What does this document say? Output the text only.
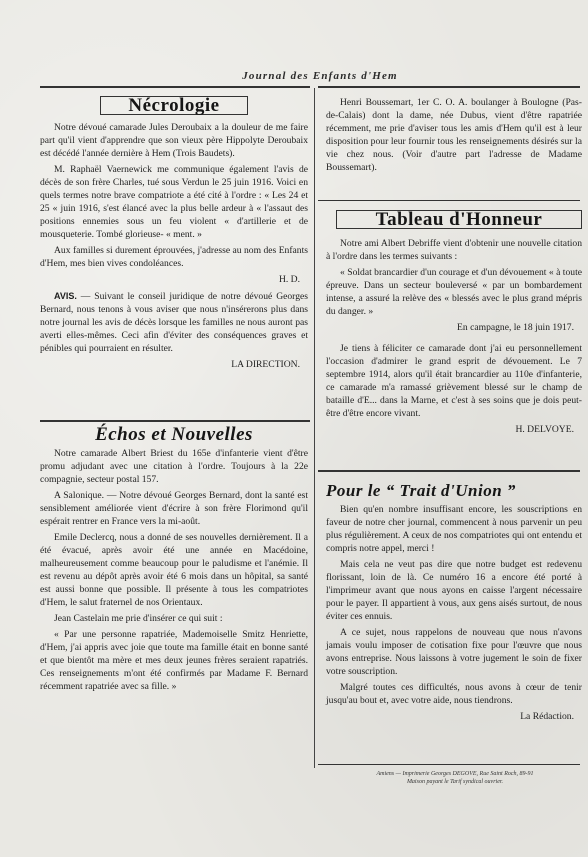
Journal des Enfants d'Hem
Nécrologie

Notre dévoué camarade Jules Deroubaix a la douleur de me faire part qu'il vient d'apprendre que son vieux père Hippolyte Deroubaix est décédé l'année dernière à Hem (Trois Baudets).

M. Raphaël Vaernewick me communique également l'avis de décès de son frère Charles, tué sous Verdun le 25 juin 1916. Voici en quels termes notre brave compatriote a été cité à l'ordre : « Les 24 et 25 « juin 1916, s'est élancé avec la plus belle ardeur à « l'assaut des positions ennemies sous un feu violent « d'artillerie et de mousqueterie. Tombé glorieuse- « ment. »

Aux familles si durement éprouvées, j'adresse au nom des Enfants d'Hem, mes bien vives condoléances.

H. D.

AVIS. — Suivant le conseil juridique de notre dévoué Georges Bernard, nous tenons à vous aviser que nous n'insérerons plus dans notre journal les avis de décès lorsque les familles ne nous auront pas averti elles-mêmes. Ceci afin d'éviter des conséquences graves et pénibles qui pourraient en résulter.

LA DIRECTION.
Échos et Nouvelles

Notre camarade Albert Briest du 165e d'infanterie vient d'être promu adjudant avec une citation à l'ordre. Toujours à la 22e compagnie, secteur postal 157.

A Salonique. — Notre dévoué Georges Bernard, dont la santé est sensiblement améliorée vient d'écrire à son frère Florimond qu'il espérait rentrer en France vers la mi-août.

Emile Declercq, nous a donné de ses nouvelles dernièrement. Il a été évacué, après avoir été une année en Macédoine, malheureusement comme beaucoup pour le paludisme et l'anémie. Il est revenu au dépôt après avoir été 6 mois dans un hôpital, sa santé est aussi bonne que possible. Il présente à tous les compatriotes d'Hem, le salut fraternel de nos Orientaux.

Jean Castelain me prie d'insérer ce qui suit :

« Par une personne rapatriée, Mademoiselle Smitz Henriette, d'Hem, j'ai appris avec joie que toute ma famille était en bonne santé et que bientôt ma mère et mes deux jeunes frères seraient rapatriés. Ces renseignements m'ont été confirmés par Madame F. Bernard récemment rapatriée avec sa fille. »

Henri Boussemart, 1er C. O. A. boulanger à Boulogne (Pas-de-Calais) dont la dame, née Dubus, vient d'être rapatriée récemment, me prie d'aviser tous les amis d'Hem qu'il est à leur disposition pour leur fournir tous les renseignements désirés sur la vie chez nous. (Voir d'autre part l'adresse de Madame Boussemart).

Tableau d'Honneur

Notre ami Albert Debriffe vient d'obtenir une nouvelle citation à l'ordre dans les termes suivants :

« Soldat brancardier d'un courage et d'un dévouement « à toute épreuve. Dans un secteur bouleversé « par un bombardement intense, a assuré la relève des « blessés avec le plus grand mépris du danger. »

En campagne, le 18 juin 1917.

Je tiens à féliciter ce camarade dont j'ai eu personnellement l'occasion d'admirer le grand esprit de dévouement. Le 7 septembre 1914, alors qu'il était brancardier au 110e d'infanterie, ce camarade m'a ramassé grièvement blessé sur le champ de bataille d'E... dans la Marne, et c'est à ses soins que je dois peut-être d'être encore vivant.

H. DELVOYE.
Pour le “ Trait d'Union ”

Bien qu'en nombre insuffisant encore, les souscriptions en faveur de notre cher journal, commencent à nous parvenir un peu plus régulièrement. A ceux de nos compatriotes qui ont entendu et compris notre appel, merci !

Mais cela ne veut pas dire que notre budget est redevenu florissant, loin de là. Ce numéro 16 a encore été porté à l'imprimeur avant que nous ayons en caisse l'argent nécessaire pour le payer. Il appartient à vous, aux gens aisés surtout, de nous éviter ces ennuis.

A ce sujet, nous rappelons de nouveau que nous n'avons jamais voulu imposer de cotisation fixe pour l'œuvre que nous avons entreprise. Nous laissons à votre jugement le soin de fixer votre souscription.

Malgré toutes ces difficultés, nous avons à cœur de tenir jusqu'au bout et, avec votre aide, nous tiendrons.

La Rédaction.
Amiens — Imprimerie Georges DEGOVE, Rue Saint Roch, 89-91
Maison payant le Tarif syndical ouvrier.
